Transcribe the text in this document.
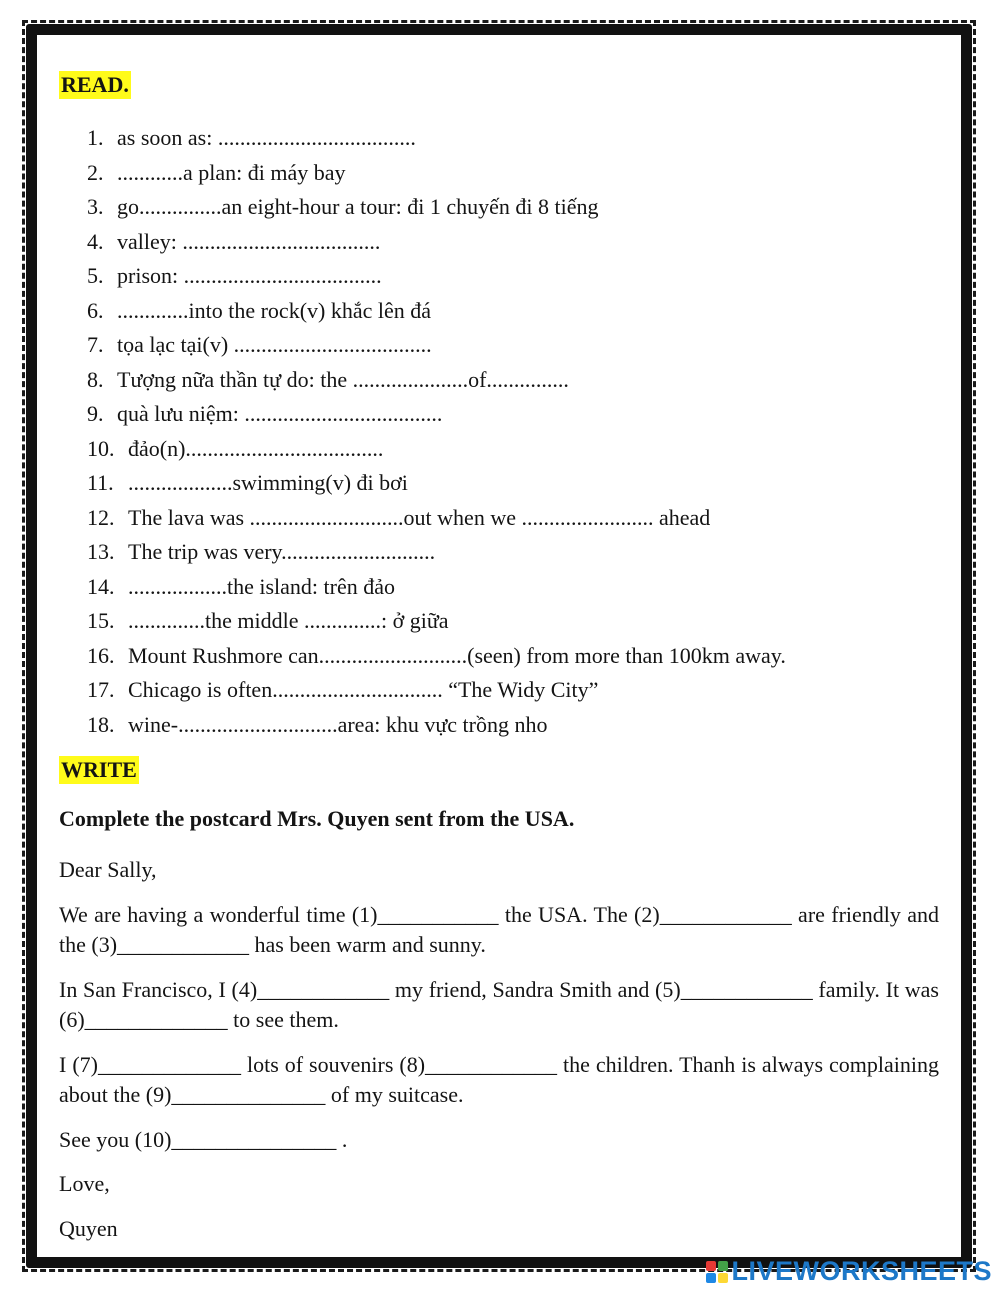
READ.
1. as soon as: ....................................
2. ............a plan: đi máy bay
3. go...............an eight-hour a tour: đi 1 chuyến đi 8 tiếng
4. valley: ....................................
5. prison: ....................................
6. .............into the rock(v) khắc lên đá
7. tọa lạc tại(v) ....................................
8. Tượng nữa thần tự do: the .....................of...............
9. quà lưu niệm: ....................................
10. đảo(n)....................................
11. ...................swimming(v) đi bơi
12. The lava was ............................out when we ........................ ahead
13. The trip was very............................
14. ..................the island: trên đảo
15. ..............the middle ..............: ở giữa
16. Mount Rushmore can...........................(seen) from more than 100km away.
17. Chicago is often............................... “The Widy City”
18. wine-.............................area: khu vực trồng nho
WRITE
Complete the postcard Mrs. Quyen sent from the USA.
Dear Sally,
We are having a wonderful time (1)___________ the USA. The (2)____________ are friendly and the (3)____________ has been warm and sunny.
In San Francisco, I (4)____________ my friend, Sandra Smith and (5)____________ family. It was (6)_____________ to see them.
I (7)_____________ lots of souvenirs (8)____________ the children. Thanh is always complaining about the (9)______________ of my suitcase.
See you (10)_______________ .
Love,
Quyen
LIVEWORKSHEETS
